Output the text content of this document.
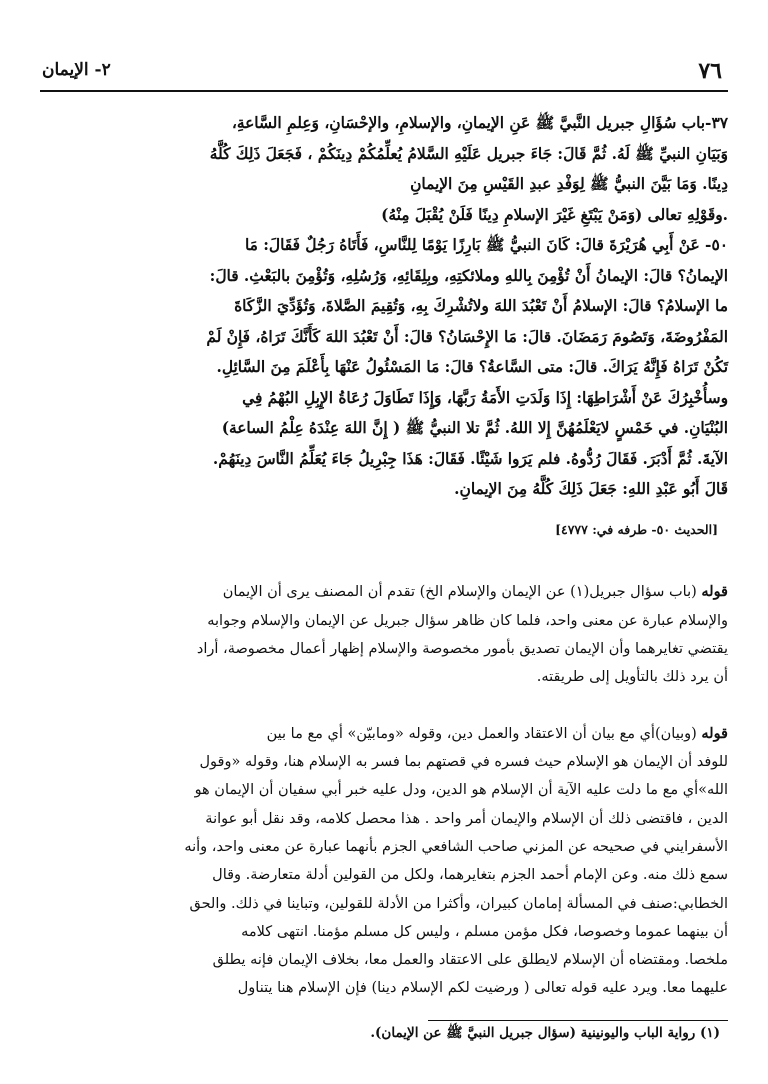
٧٦
٢- الإيمان
٣٧-باب سُؤَالِ جبريل النَّبيَّ ﷺ عَنِ الإيمانِ، والإسلامِ، والإحْسَانِ، وَعِلمِ السَّاعةِ،
وَبَيَانِ النبيِّ ﷺ لَهُ. ثُمَّ قَالَ: جَاءَ جبريل عَلَيْهِ السَّلامُ يُعلِّمُكُمْ دِينَكُمْ ، فَجَعَلَ ذَلِكَ كُلَّهُ
دِينًا. وَمَا بَيَّنَ النبيُّ ﷺ لِوَفْدِ عبدِ القَيْسِ مِنَ الإيمانِ
.وقَوْلِهِ تعالى (وَمَنْ يَبْتَغِ غَيْرَ الإسلامِ دِينًا فَلَنْ يُقْبَلَ مِنْهُ)
٥٠- عَنْ أَبِي هُرَيْرَةَ قالَ: كَانَ النبيُّ ﷺ بَارِزًا يَوْمًا لِلنَّاسِ، فَأَتَاهُ رَجُلٌ فَقَالَ: مَا
الإيمانُ؟ قالَ: الإيمانُ أَنْ تُؤْمِنَ بِاللهِ وملائكتِهِ، وبِلِقَائِهِ، وَرُسُلِهِ، وَتُؤْمِنَ بالبَعْثِ. قالَ:
ما الإسلامُ؟ قالَ: الإسلامُ أَنْ تَعْبُدَ اللهَ ولاتُشْرِكَ بِهِ، وَتُقِيمَ الصَّلاةَ، وَتُؤَدِّيَ الزَّكَاةَ
المَفْرُوضَةَ، وَتَصُومَ رَمَضَانَ. قالَ: مَا الإِحْسَانُ؟ قالَ: أَنْ تَعْبُدَ اللهَ كَأَنَّكَ تَرَاهُ، فَإِنْ لَمْ
تَكُنْ تَرَاهُ فَإِنَّهُ يَرَاكَ. قالَ: متى السَّاعةُ؟ قالَ: مَا المَسْئُولُ عَنْهَا بِأَعْلَمَ مِنَ السَّائِلِ.
وسأُخْبِرُكَ عَنْ أَشْرَاطِهَا: إِذَا وَلَدَتِ الأَمَةُ رَبَّهَا، وَإِذَا تَطَاوَلَ رُعَاةُ الإِبِلِ البُهْمُ فِي
البُنْيَانِ. في خَمْسٍ لايَعْلَمُهُنَّ إِلا اللهُ. ثُمَّ تلا النبيُّ ﷺ ( إِنَّ اللهَ عِنْدَهُ عِلْمُ الساعة)
الآيةَ. ثُمَّ أَدْبَرَ. فَقَالَ رُدُّوهُ. فلم يَرَوا شَيْئًا. فَقَالَ: هَذَا جِبْرِيلُ جَاءَ يُعَلِّمُ النَّاسَ دِينَهُمْ.
قَالَ أَبُو عَبْدِ اللهِ: جَعَلَ ذَلِكَ كُلَّهُ مِنَ الإيمانِ.
[الحديث ٥٠- طرفه في: ٤٧٧٧]

قوله (باب سؤال جبريل(١) عن الإيمان والإسلام الخ) تقدم أن المصنف يرى أن الإيمان
والإسلام عبارة عن معنى واحد، فلما كان ظاهر سؤال جبريل عن الإيمان والإسلام وجوابه
يقتضي تغايرهما وأن الإيمان تصديق بأمور مخصوصة والإسلام إظهار أعمال مخصوصة، أراد
أن يرد ذلك بالتأويل إلى طريقته.

قوله (وبيان)أي مع بيان أن الاعتقاد والعمل دين، وقوله «ومابيّن» أي مع ما بين
للوفد أن الإيمان هو الإسلام حيث فسره في قصتهم بما فسر به الإسلام هنا، وقوله «وقول
الله»أي مع ما دلت عليه الآية أن الإسلام هو الدين، ودل عليه خبر أبي سفيان أن الإيمان هو
الدين ، فاقتضى ذلك أن الإسلام والإيمان أمر واحد . هذا محصل كلامه، وقد نقل أبو عوانة
الأسفرايني في صحيحه عن المزني صاحب الشافعي الجزم بأنهما عبارة عن معنى واحد، وأنه
سمع ذلك منه. وعن الإمام أحمد الجزم بتغايرهما، ولكل من القولين أدلة متعارضة. وقال
الخطابي:صنف في المسألة إمامان كبيران، وأكثرا من الأدلة للقولين، وتباينا في ذلك. والحق
أن بينهما عموما وخصوصا، فكل مؤمن مسلم ، وليس كل مسلم مؤمنا. انتهى كلامه
ملخصا. ومقتضاه أن الإسلام لايطلق على الاعتقاد والعمل معا، بخلاف الإيمان فإنه يطلق
عليهما معا. ويرد عليه قوله تعالى ( ورضيت لكم الإسلام دينا) فإن الإسلام هنا يتناول

(١) رواية الباب واليونينية (سؤال جبريل النبيَّ ﷺ عن الإيمان).
